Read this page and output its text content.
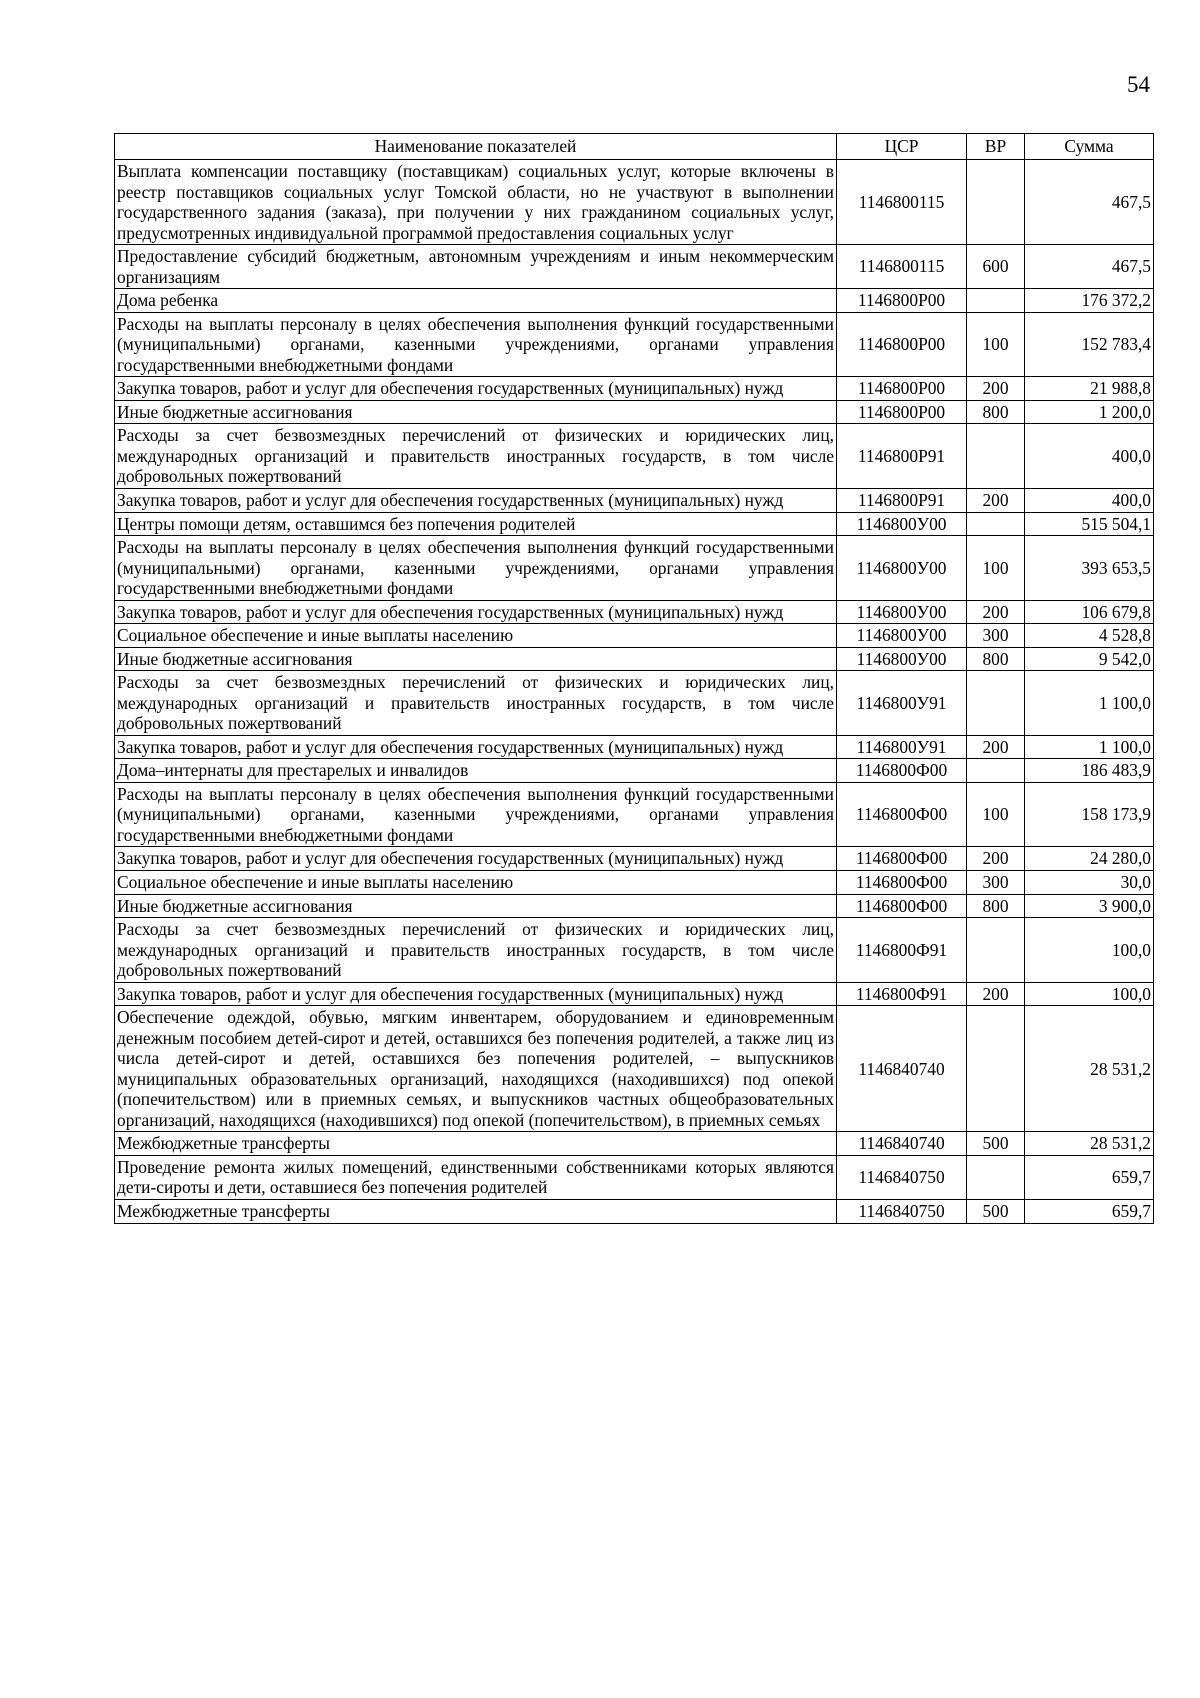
54
Наименование показателей	ЦСР	ВР	Сумма
Выплата компенсации поставщику (поставщикам) социальных услуг, которые включены в реестр поставщиков социальных услуг Томской области, но не участвуют в выполнении государственного задания (заказа), при получении у них гражданином социальных услуг, предусмотренных индивидуальной программой предоставления социальных услуг	1146800115		467,5
Предоставление субсидий бюджетным, автономным учреждениям и иным некоммерческим организациям	1146800115	600	467,5
Дома ребенка	1146800Р00		176 372,2
Расходы на выплаты персоналу в целях обеспечения выполнения функций государственными (муниципальными) органами, казенными учреждениями, органами управления государственными внебюджетными фондами	1146800Р00	100	152 783,4
Закупка товаров, работ и услуг для обеспечения государственных (муниципальных) нужд	1146800Р00	200	21 988,8
Иные бюджетные ассигнования	1146800Р00	800	1 200,0
Расходы за счет безвозмездных перечислений от физических и юридических лиц, международных организаций и правительств иностранных государств, в том числе добровольных пожертвований	1146800Р91		400,0
Закупка товаров, работ и услуг для обеспечения государственных (муниципальных) нужд	1146800Р91	200	400,0
Центры помощи детям, оставшимся без попечения родителей	1146800У00		515 504,1
Расходы на выплаты персоналу в целях обеспечения выполнения функций государственными (муниципальными) органами, казенными учреждениями, органами управления государственными внебюджетными фондами	1146800У00	100	393 653,5
Закупка товаров, работ и услуг для обеспечения государственных (муниципальных) нужд	1146800У00	200	106 679,8
Социальное обеспечение и иные выплаты населению	1146800У00	300	4 528,8
Иные бюджетные ассигнования	1146800У00	800	9 542,0
Расходы за счет безвозмездных перечислений от физических и юридических лиц, международных организаций и правительств иностранных государств, в том числе добровольных пожертвований	1146800У91		1 100,0
Закупка товаров, работ и услуг для обеспечения государственных (муниципальных) нужд	1146800У91	200	1 100,0
Дома–интернаты для престарелых и инвалидов	1146800Ф00		186 483,9
Расходы на выплаты персоналу в целях обеспечения выполнения функций государственными (муниципальными) органами, казенными учреждениями, органами управления государственными внебюджетными фондами	1146800Ф00	100	158 173,9
Закупка товаров, работ и услуг для обеспечения государственных (муниципальных) нужд	1146800Ф00	200	24 280,0
Социальное обеспечение и иные выплаты населению	1146800Ф00	300	30,0
Иные бюджетные ассигнования	1146800Ф00	800	3 900,0
Расходы за счет безвозмездных перечислений от физических и юридических лиц, международных организаций и правительств иностранных государств, в том числе добровольных пожертвований	1146800Ф91		100,0
Закупка товаров, работ и услуг для обеспечения государственных (муниципальных) нужд	1146800Ф91	200	100,0
Обеспечение одеждой, обувью, мягким инвентарем, оборудованием и единовременным денежным пособием детей-сирот и детей, оставшихся без попечения родителей, а также лиц из числа детей-сирот и детей, оставшихся без попечения родителей, – выпускников муниципальных образовательных организаций, находящихся (находившихся) под опекой (попечительством) или в приемных семьях, и выпускников частных общеобразовательных организаций, находящихся (находившихся) под опекой (попечительством), в приемных семьях	1146840740		28 531,2
Межбюджетные трансферты	1146840740	500	28 531,2
Проведение ремонта жилых помещений, единственными собственниками которых являются дети-сироты и дети, оставшиеся без попечения родителей	1146840750		659,7
Межбюджетные трансферты	1146840750	500	659,7
